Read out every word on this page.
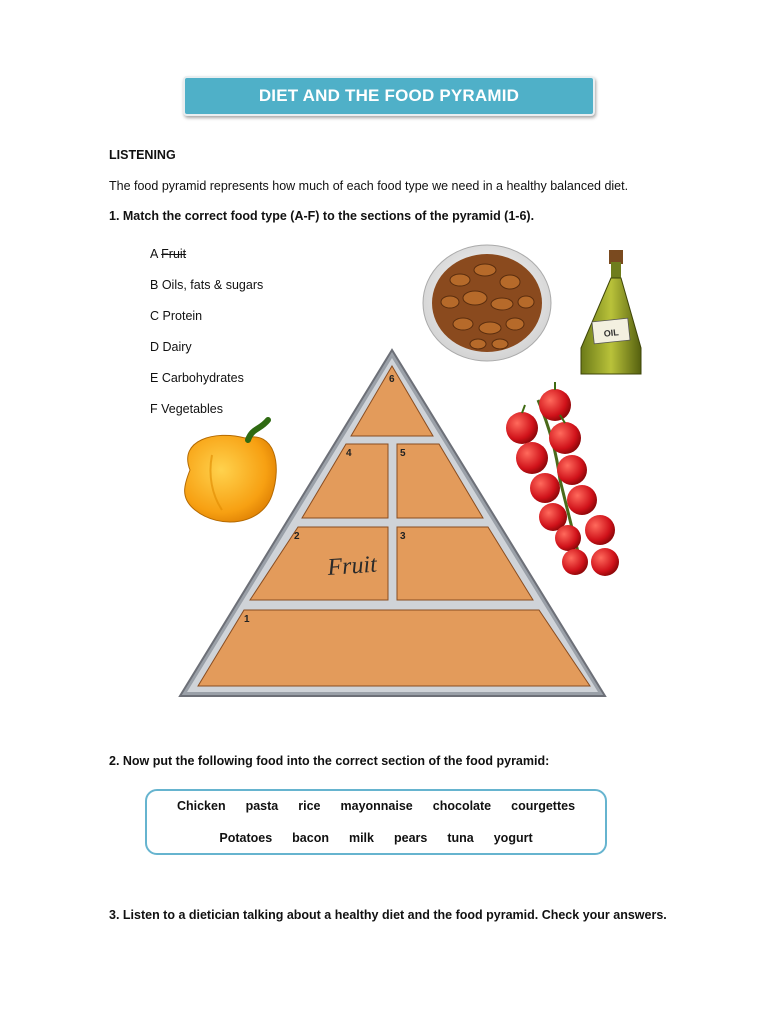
DIET AND THE FOOD PYRAMID
LISTENING
The food pyramid represents how much of each food type we need in a healthy balanced diet.
1. Match the correct food type (A-F) to the sections of the pyramid (1-6).
A Fruit
B Oils, fats & sugars
C Protein
D Dairy
E Carbohydrates
F Vegetables
OIL
6
4	5
2	3
1
Fruit
2. Now put the following food into the correct section of the food pyramid:
Chicken pasta rice mayonnaise chocolate courgettes
Potatoes bacon milk pears tuna yogurt
3. Listen to a dietician talking about a healthy diet and the food pyramid. Check your answers.
